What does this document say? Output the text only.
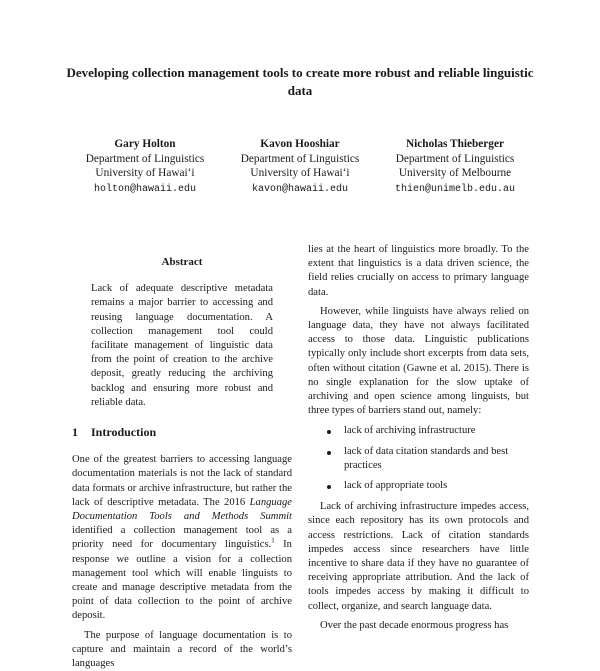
Developing collection management tools to create more robust and reliable linguistic data
Gary Holton
Department of Linguistics
University of Hawai‘i
holton@hawaii.edu
Kavon Hooshiar
Department of Linguistics
University of Hawai‘i
kavon@hawaii.edu
Nicholas Thieberger
Department of Linguistics
University of Melbourne
thien@unimelb.edu.au
Abstract

Lack of adequate descriptive metadata remains a major barrier to accessing and reusing language documentation. A collection management tool could facilitate management of linguistic data from the point of creation to the archive deposit, greatly reducing the archiving backlog and ensuring more robust and reliable data.

1 Introduction

One of the greatest barriers to accessing language documentation materials is not the lack of standard data formats or archive infrastructure, but rather the lack of descriptive metadata. The 2016 Language Documentation Tools and Methods Summit identified a collection management tool as a priority need for documentary linguistics.$^1$ In response we outline a vision for a collection management tool which will enable linguists to create and manage descriptive metadata from the point of data collection to the point of archive deposit.

The purpose of language documentation is to capture and maintain a record of the world’s languages

lies at the heart of linguistics more broadly. To the extent that linguistics is a data driven science, the field relies crucially on access to primary language data.

However, while linguists have always relied on language data, they have not always facilitated access to those data. Linguistic publications typically only include short excerpts from data sets, often without citation (Gawne et al. 2015). There is no single explanation for the slow uptake of archiving and open science among linguists, but three types of barriers stand out, namely:

lack of archiving infrastructure
lack of data citation standards and best practices
lack of appropriate tools

Lack of archiving infrastructure impedes access, since each repository has its own protocols and access restrictions. Lack of citation standards impedes access since researchers have little incentive to share data if they have no guarantee of receiving appropriate attribution. And the lack of tools impedes access by making it difficult to collect, organize, and search language data.

Over the past decade enormous progress has
